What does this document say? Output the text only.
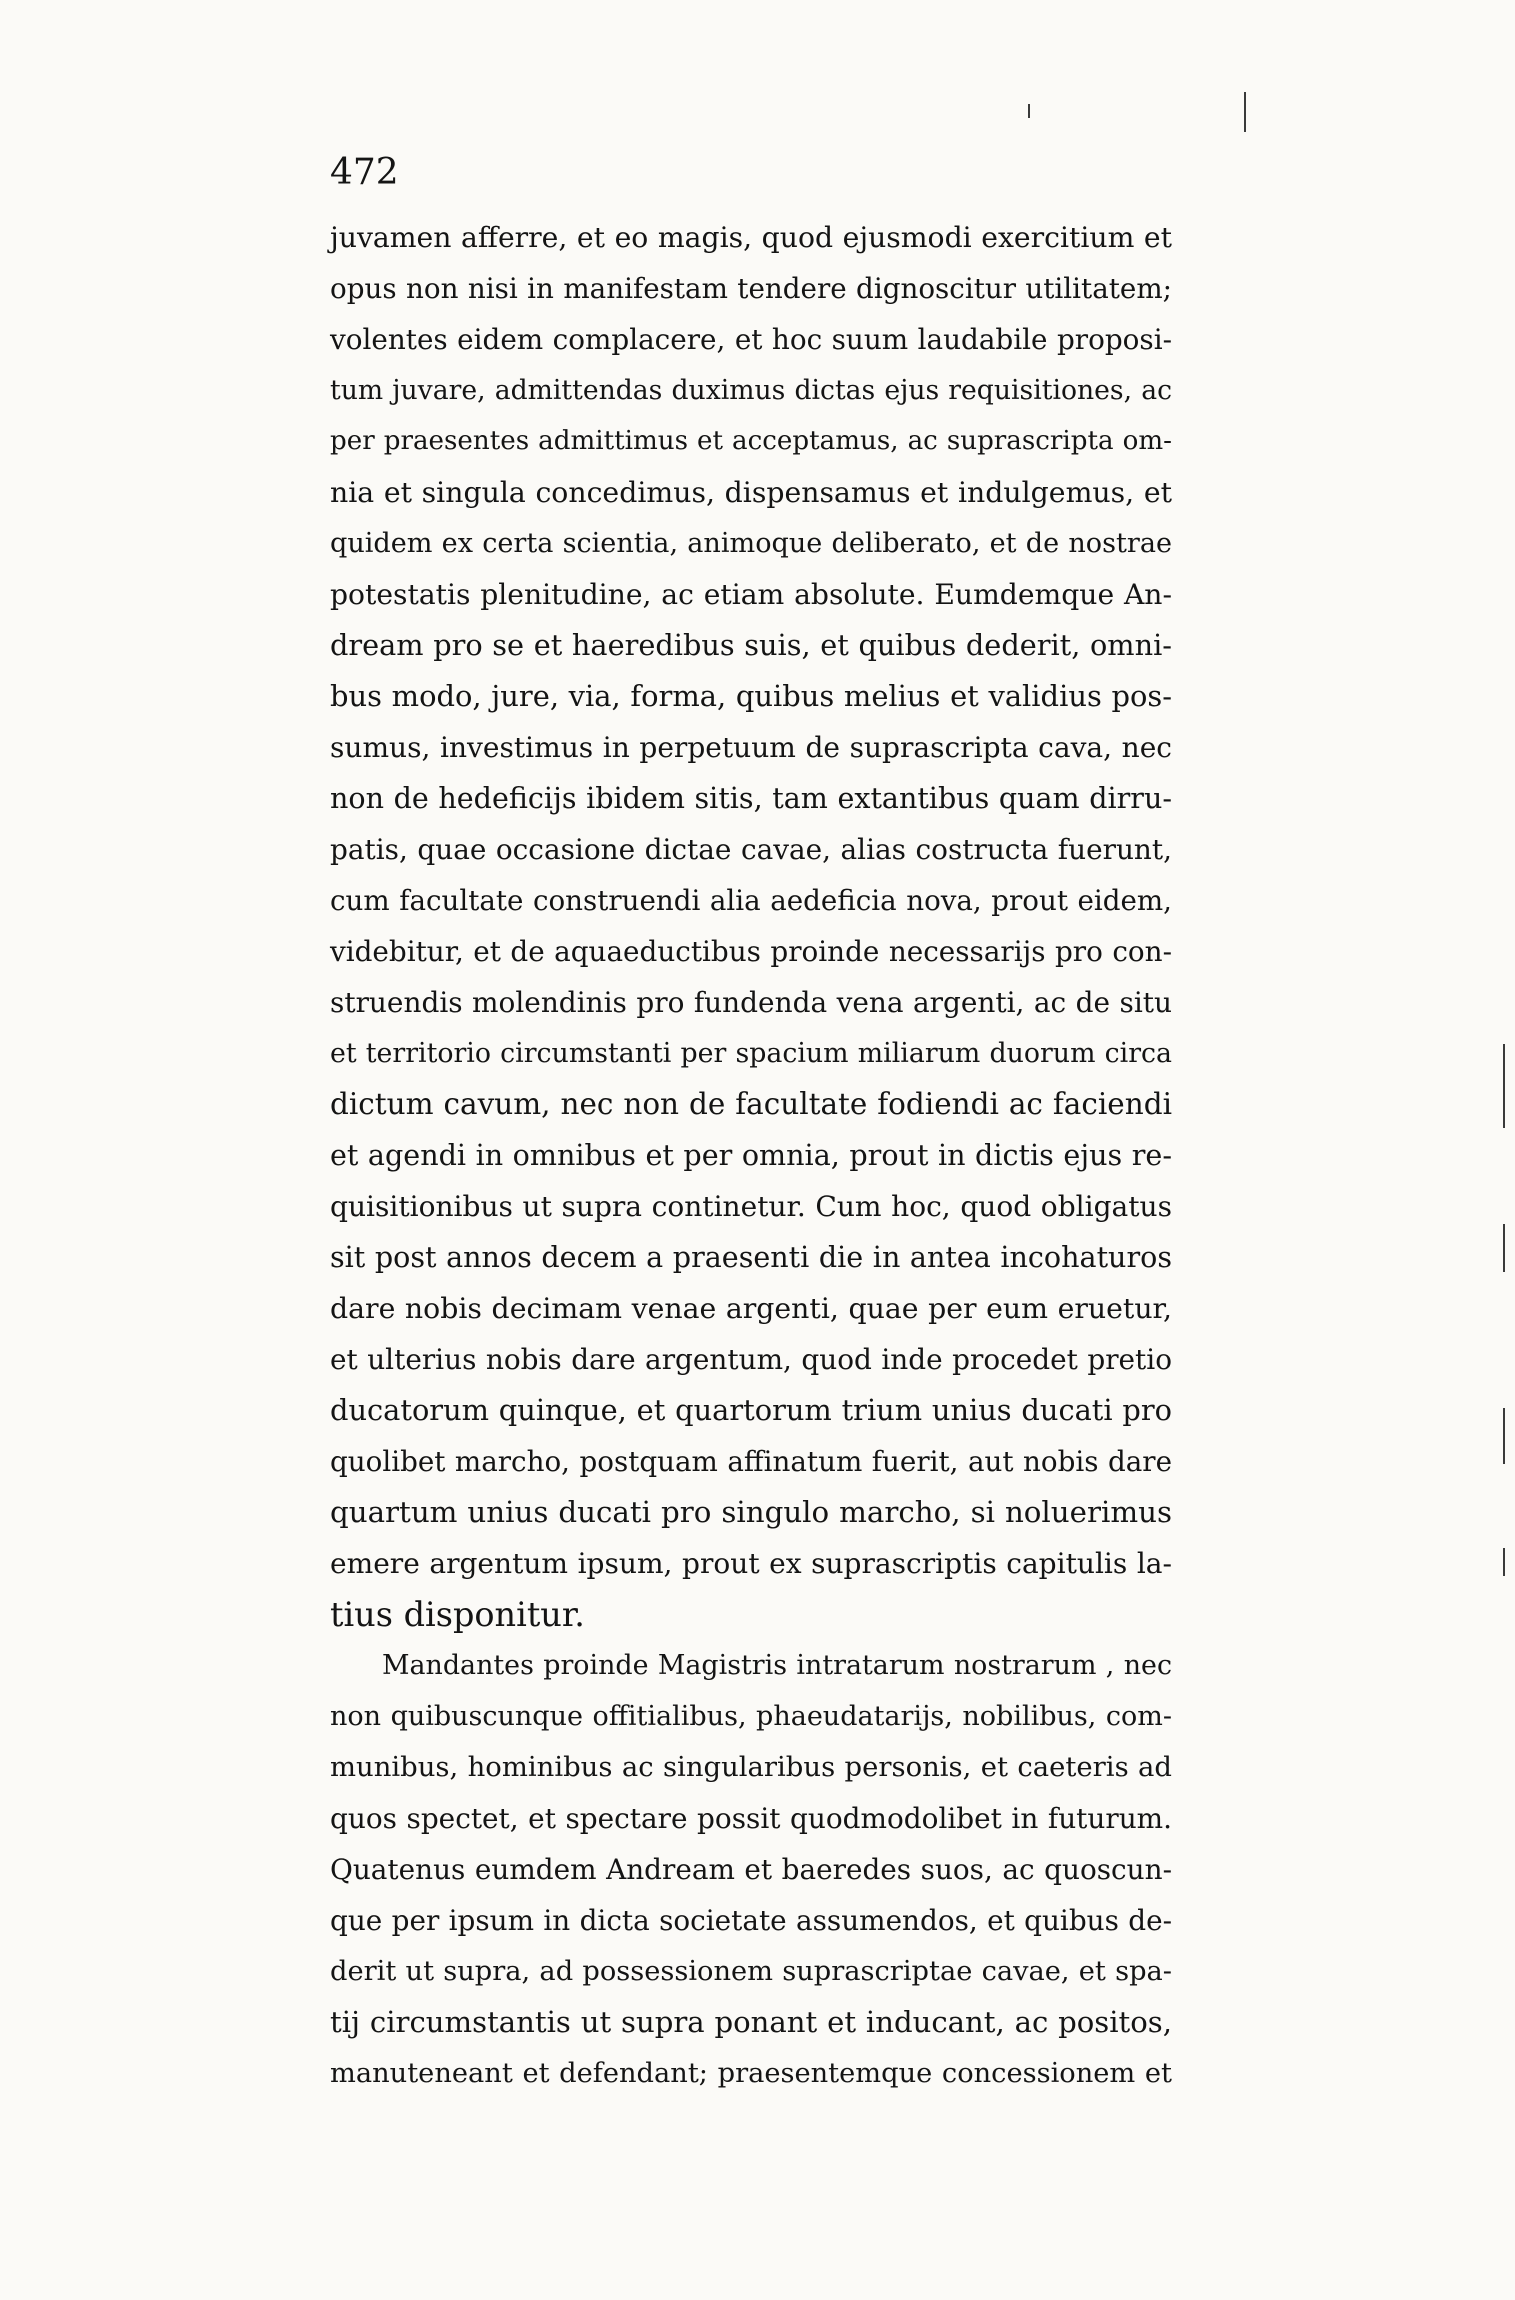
472

juvamen afferre, et eo magis, quod ejusmodi exercitium et
opus non nisi in manifestam tendere dignoscitur utilitatem;
volentes eidem complacere, et hoc suum laudabile proposi-
tum juvare, admittendas duximus dictas ejus requisitiones, ac
per praesentes admittimus et acceptamus, ac suprascripta om-
nia et singula concedimus, dispensamus et indulgemus, et
quidem ex certa scientia, animoque deliberato, et de nostrae
potestatis plenitudine, ac etiam absolute. Eumdemque An-
dream pro se et haeredibus suis, et quibus dederit, omni-
bus modo, jure, via, forma, quibus melius et validius pos-
sumus, investimus in perpetuum de suprascripta cava, nec
non de hedeficijs ibidem sitis, tam extantibus quam dirru-
patis, quae occasione dictae cavae, alias costructa fuerunt,
cum facultate construendi alia aedeficia nova, prout eidem,
videbitur, et de aquaeductibus proinde necessarijs pro con-
struendis molendinis pro fundenda vena argenti, ac de situ
et territorio circumstanti per spacium miliarum duorum circa
dictum cavum, nec non de facultate fodiendi ac faciendi
et agendi in omnibus et per omnia, prout in dictis ejus re-
quisitionibus ut supra continetur. Cum hoc, quod obligatus
sit post annos decem a praesenti die in antea incohaturos
dare nobis decimam venae argenti, quae per eum eruetur,
et ulterius nobis dare argentum, quod inde procedet pretio
ducatorum quinque, et quartorum trium unius ducati pro
quolibet marcho, postquam affinatum fuerit, aut nobis dare
quartum unius ducati pro singulo marcho, si noluerimus
emere argentum ipsum, prout ex suprascriptis capitulis la-
tius disponitur.
Mandantes proinde Magistris intratarum nostrarum , nec
non quibuscunque offitialibus, phaeudatarijs, nobilibus, com-
munibus, hominibus ac singularibus personis, et caeteris ad
quos spectet, et spectare possit quodmodolibet in futurum.
Quatenus eumdem Andream et baeredes suos, ac quoscun-
que per ipsum in dicta societate assumendos, et quibus de-
derit ut supra, ad possessionem suprascriptae cavae, et spa-
tij circumstantis ut supra ponant et inducant, ac positos,
manuteneant et defendant; praesentemque concessionem et
